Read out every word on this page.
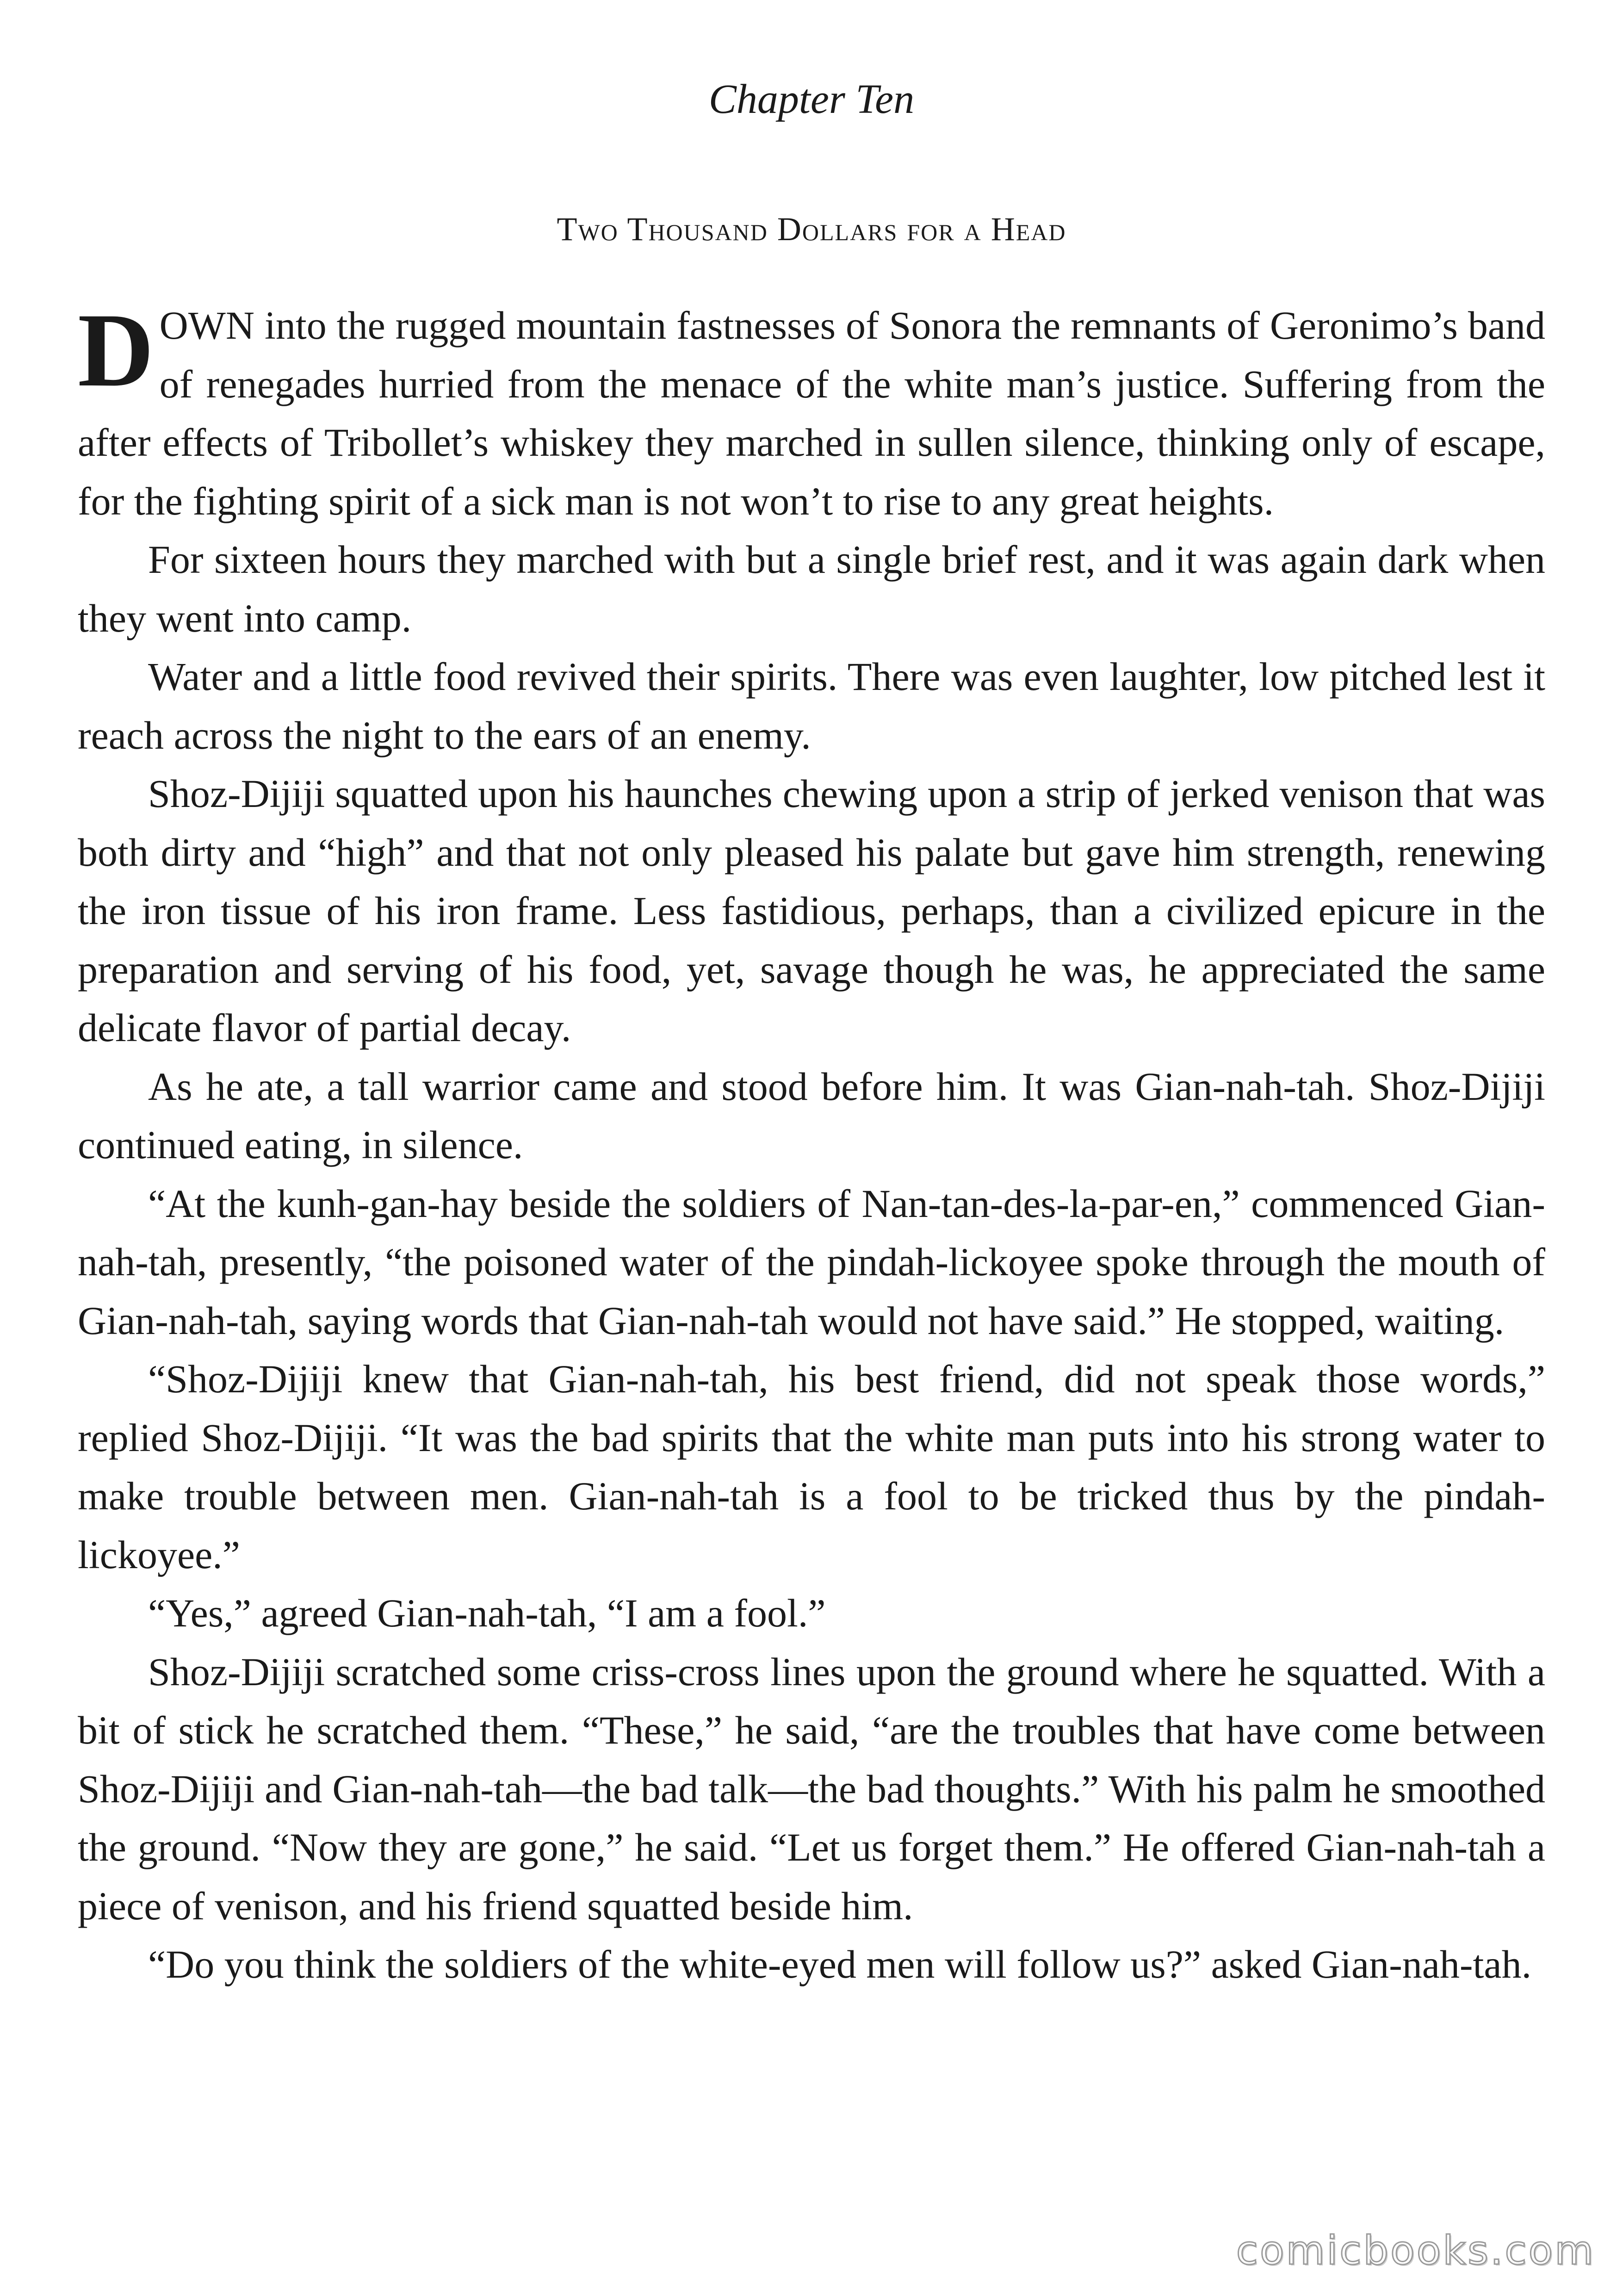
Chapter Ten
Two Thousand Dollars for a Head

DOWN into the rugged mountain fastnesses of Sonora the remnants of Geronimo’s band of renegades hurried from the menace of the white man’s justice. Suffering from the after effects of Tribollet’s whiskey they marched in sullen silence, thinking only of escape, for the fighting spirit of a sick man is not won’t to rise to any great heights.

For sixteen hours they marched with but a single brief rest, and it was again dark when they went into camp.

Water and a little food revived their spirits. There was even laughter, low pitched lest it reach across the night to the ears of an enemy.

Shoz-Dijiji squatted upon his haunches chewing upon a strip of jerked venison that was both dirty and “high” and that not only pleased his palate but gave him strength, renewing the iron tissue of his iron frame. Less fastidious, perhaps, than a civilized epicure in the preparation and serving of his food, yet, savage though he was, he appreciated the same delicate flavor of partial decay.

As he ate, a tall warrior came and stood before him. It was Gian-nah-tah. Shoz-Dijiji continued eating, in silence.

“At the kunh-gan-hay beside the soldiers of Nan-tan-des-la-par-en,” commenced Gian-nah-tah, presently, “the poisoned water of the pindah-lickoyee spoke through the mouth of Gian-nah-tah, saying words that Gian-nah-tah would not have said.” He stopped, waiting.

“Shoz-Dijiji knew that Gian-nah-tah, his best friend, did not speak those words,” replied Shoz-Dijiji. “It was the bad spirits that the white man puts into his strong water to make trouble between men. Gian-nah-tah is a fool to be tricked thus by the pindah-lickoyee.”

“Yes,” agreed Gian-nah-tah, “I am a fool.”

Shoz-Dijiji scratched some criss-cross lines upon the ground where he squatted. With a bit of stick he scratched them. “These,” he said, “are the troubles that have come between Shoz-Dijiji and Gian-nah-tah—the bad talk—the bad thoughts.” With his palm he smoothed the ground. “Now they are gone,” he said. “Let us forget them.” He offered Gian-nah-tah a piece of venison, and his friend squatted beside him.

“Do you think the soldiers of the white-eyed men will follow us?” asked Gian-nah-tah.

comicbooks.com
